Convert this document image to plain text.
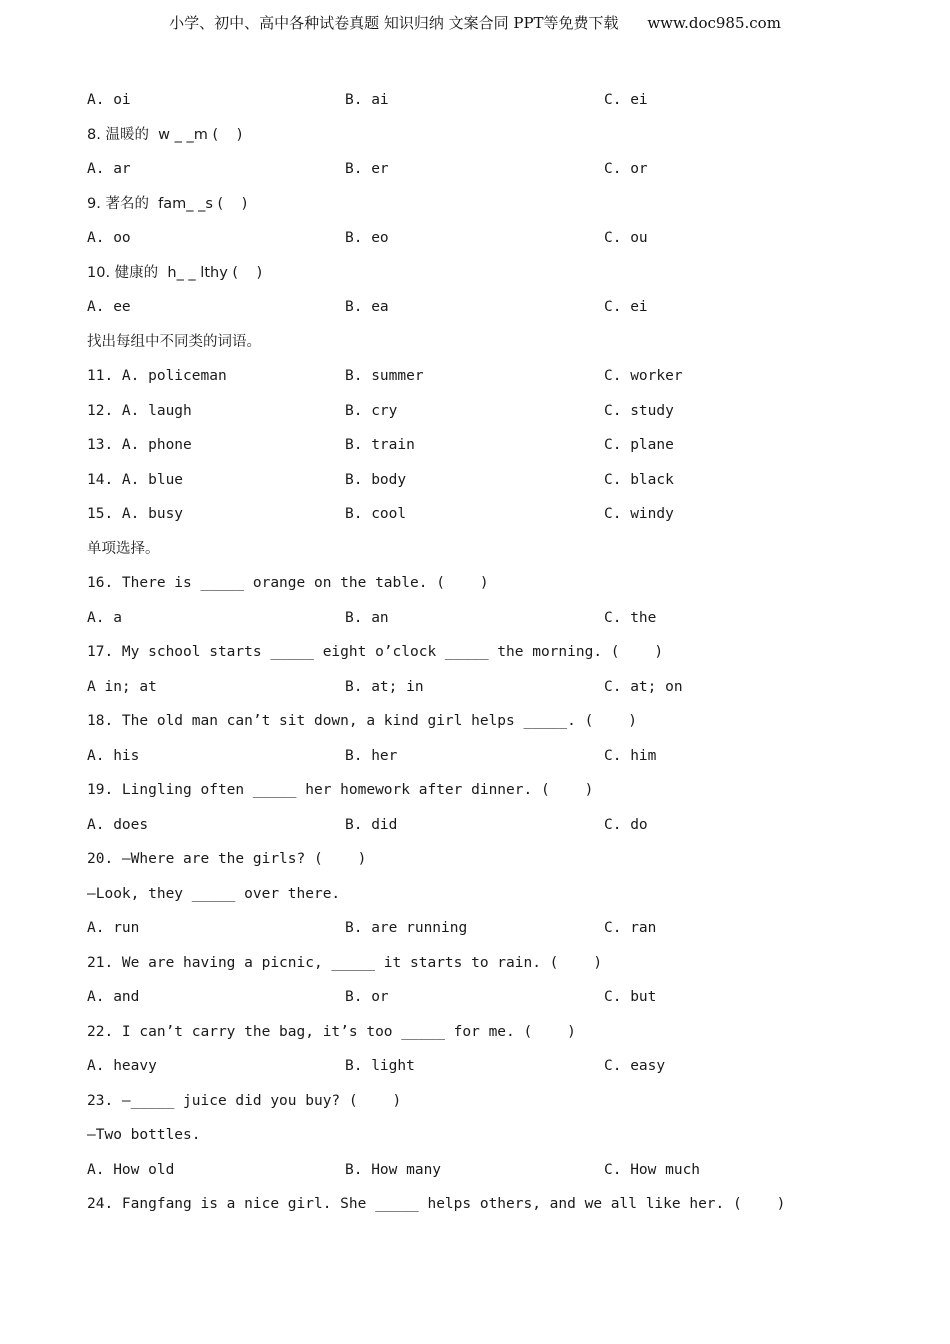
小学、初中、高中各种试卷真题 知识归纳 文案合同 PPT等免费下载 www.doc985.com

A. oi

	B. ai

	C. ei

8. 温暖的  w _ _m (    )

A. ar

	B. er

	C. or

9. 著名的  fam_ _s (    )

A. oo

	B. eo

	C. ou

10. 健康的  h_ _ lthy (    )

A. ee

	B. ea

	C. ei

找出每组中不同类的词语。

11. A. policeman

	B. summer

	C. worker

12. A. laugh

	B. cry

	C. study

13. A. phone

	B. train

	C. plane

14. A. blue

	B. body

	C. black

15. A. busy

	B. cool

	C. windy

单项选择。
16. There is _____ orange on the table. (    )

A. a

	B. an

	C. the

17. My school starts _____ eight o’clock _____ the morning. (    )

A in; at

	B. at; in

	C. at; on

18. The old man can’t sit down, a kind girl helps _____. (    )

A. his

	B. her

	C. him

19. Lingling often _____ her homework after dinner. (    )

A. does

	B. did

	C. do

20. —Where are the girls? (    )
—Look, they _____ over there.

A. run

	B. are running

	C. ran

21. We are having a picnic, _____ it starts to rain. (    )

A. and

	B. or

	C. but

22. I can’t carry the bag, it’s too _____ for me. (    )

A. heavy

	B. light

	C. easy

23. —_____ juice did you buy? (    )
—Two bottles.

A. How old

	B. How many

	C. How much

24. Fangfang is a nice girl. She _____ helps others, and we all like her. (    )
